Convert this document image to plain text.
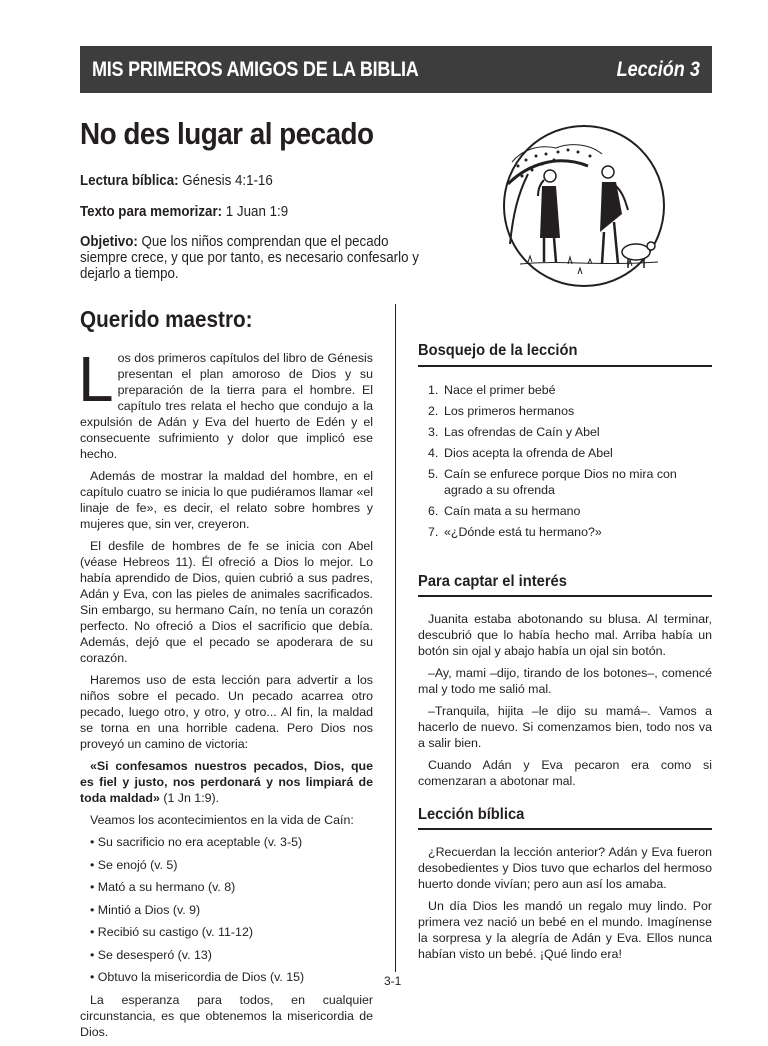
MIS PRIMEROS AMIGOS DE LA BIBLIA	Lección 3
No des lugar al pecado
Lectura bíblica: Génesis 4:1-16
Texto para memorizar: 1 Juan 1:9
Objetivo: Que los niños comprendan que el pecado siempre crece, y que por tanto, es necesario confesarlo y dejarlo a tiempo.
Querido maestro:

Los dos primeros capítulos del libro de Génesis presentan el plan amoroso de Dios y su preparación de la tierra para el hombre. El capítulo tres relata el hecho que condujo a la expulsión de Adán y Eva del huerto de Edén y el consecuente sufrimiento y dolor que implicó ese hecho.

Además de mostrar la maldad del hombre, en el capítulo cuatro se inicia lo que pudiéramos llamar «el linaje de fe», es decir, el relato sobre hombres y mujeres que, sin ver, creyeron.

El desfile de hombres de fe se inicia con Abel (véase Hebreos 11). Él ofreció a Dios lo mejor. Lo había aprendido de Dios, quien cubrió a sus padres, Adán y Eva, con las pieles de animales sacrificados. Sin embargo, su hermano Caín, no tenía un corazón perfecto. No ofreció a Dios el sacrificio que debía. Además, dejó que el pecado se apoderara de su corazón.

Haremos uso de esta lección para advertir a los niños sobre el pecado. Un pecado acarrea otro pecado, luego otro, y otro, y otro... Al fin, la maldad se torna en una horrible cadena. Pero Dios nos proveyó un camino de victoria:

«Si confesamos nuestros pecados, Dios, que es fiel y justo, nos perdonará y nos limpiará de toda maldad» (1 Jn 1:9).

Veamos los acontecimientos en la vida de Caín:

• Su sacrificio no era aceptable (v. 3-5)
• Se enojó (v. 5)
• Mató a su hermano (v. 8)
• Mintió a Dios (v. 9)
• Recibió su castigo (v. 11-12)
• Se desesperó (v. 13)
• Obtuvo la misericordia de Dios (v. 15)

La esperanza para todos, en cualquier circunstancia, es que obtenemos la misericordia de Dios.

Bosquejo de la lección
1. Nace el primer bebé
2. Los primeros hermanos
3. Las ofrendas de Caín y Abel
4. Dios acepta la ofrenda de Abel
5. Caín se enfurece porque Dios no mira con agrado a su ofrenda
6. Caín mata a su hermano
7. «¿Dónde está tu hermano?»
Para captar el interés

Juanita estaba abotonando su blusa. Al terminar, descubrió que lo había hecho mal. Arriba había un botón sin ojal y abajo había un ojal sin botón.

–Ay, mami –dijo, tirando de los botones–, comencé mal y todo me salió mal.

–Tranquila, hijita –le dijo su mamá–. Vamos a hacerlo de nuevo. Si comenzamos bien, todo nos va a salir bien.

Cuando Adán y Eva pecaron era como si comenzaran a abotonar mal.

Lección bíblica

¿Recuerdan la lección anterior? Adán y Eva fueron desobedientes y Dios tuvo que echarlos del hermoso huerto donde vivían; pero aun así los amaba.

Un día Dios les mandó un regalo muy lindo. Por primera vez nació un bebé en el mundo. Imagínense la sorpresa y la alegría de Adán y Eva. Ellos nunca habían visto un bebé. ¡Qué lindo era!

3-1
